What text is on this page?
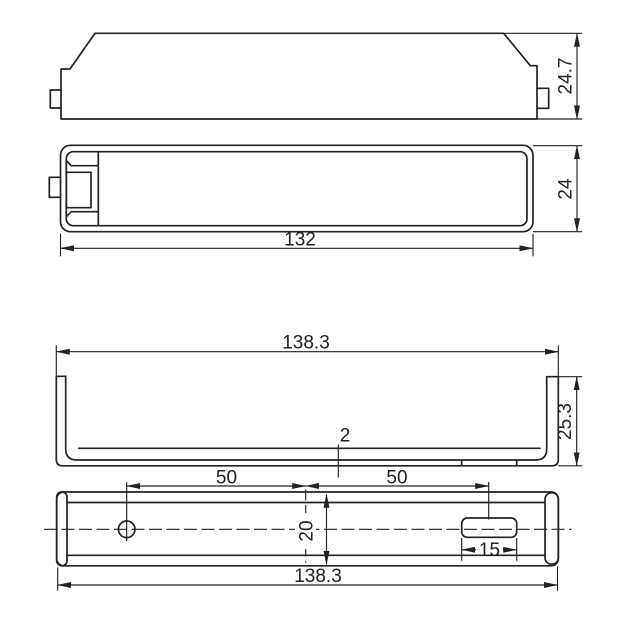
24.7
24
132
138.3
2	25.3
50	50
20
15
138.3
